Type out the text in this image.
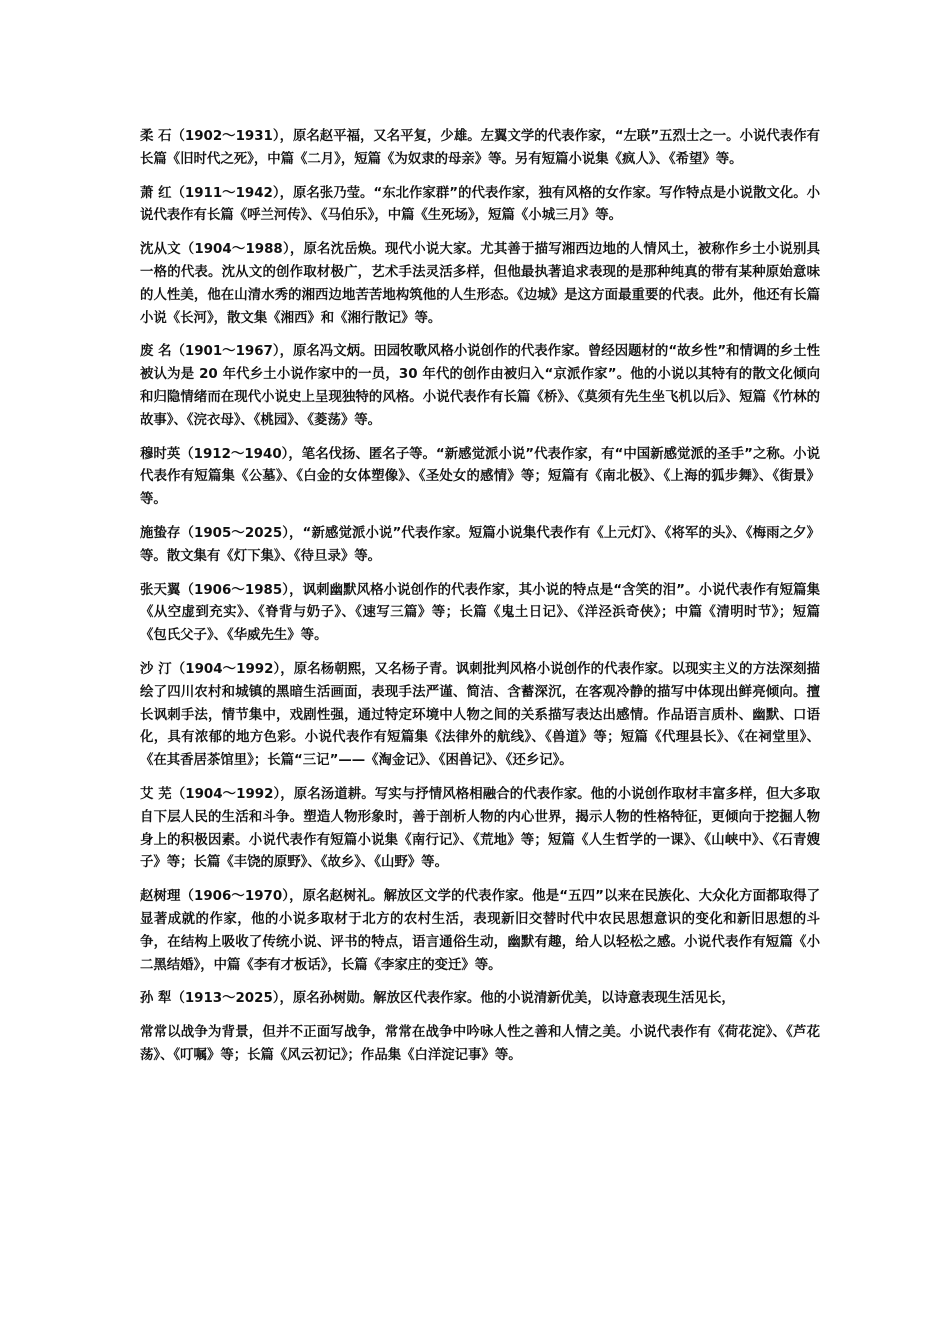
柔 石（1902～1931），原名赵平福，又名平复，少雄。左翼文学的代表作家，“左联”五烈士之一。小说代表作有长篇《旧时代之死》，中篇《二月》，短篇《为奴隶的母亲》等。另有短篇小说集《疯人》、《希望》等。

萧 红（1911～1942），原名张乃莹。“东北作家群”的代表作家，独有风格的女作家。写作特点是小说散文化。小说代表作有长篇《呼兰河传》、《马伯乐》，中篇《生死场》，短篇《小城三月》等。

沈从文（1904～1988），原名沈岳焕。现代小说大家。尤其善于描写湘西边地的人情风土，被称作乡土小说别具一格的代表。沈从文的创作取材极广，艺术手法灵活多样，但他最执著追求表现的是那种纯真的带有某种原始意味的人性美，他在山清水秀的湘西边地苦苦地构筑他的人生形态。《边城》是这方面最重要的代表。此外，他还有长篇小说《长河》，散文集《湘西》和《湘行散记》等。

废 名（1901～1967），原名冯文炳。田园牧歌风格小说创作的代表作家。曾经因题材的“故乡性”和情调的乡土性被认为是 20 年代乡土小说作家中的一员，30 年代的创作由被归入“京派作家”。他的小说以其特有的散文化倾向和归隐情绪而在现代小说史上呈现独特的风格。小说代表作有长篇《桥》、《莫须有先生坐飞机以后》、短篇《竹林的故事》、《浣衣母》、《桃园》、《菱荡》等。

穆时英（1912～1940），笔名伐扬、匿名子等。“新感觉派小说”代表作家，有“中国新感觉派的圣手”之称。小说代表作有短篇集《公墓》、《白金的女体塑像》、《圣处女的感情》等；短篇有《南北极》、《上海的狐步舞》、《街景》等。

施蛰存（1905～2025），“新感觉派小说”代表作家。短篇小说集代表作有《上元灯》、《将军的头》、《梅雨之夕》等。散文集有《灯下集》、《待旦录》等。

张天翼（1906～1985），讽刺幽默风格小说创作的代表作家，其小说的特点是“含笑的泪”。小说代表作有短篇集《从空虚到充实》、《脊背与奶子》、《速写三篇》等；长篇《鬼土日记》、《洋泾浜奇侠》；中篇《清明时节》；短篇《包氏父子》、《华威先生》等。

沙 汀（1904～1992），原名杨朝熙，又名杨子青。讽刺批判风格小说创作的代表作家。以现实主义的方法深刻描绘了四川农村和城镇的黑暗生活画面，表现手法严谨、简洁、含蓄深沉，在客观冷静的描写中体现出鲜亮倾向。擅长讽刺手法，情节集中，戏剧性强，通过特定环境中人物之间的关系描写表达出感情。作品语言质朴、幽默、口语化，具有浓郁的地方色彩。小说代表作有短篇集《法律外的航线》、《兽道》等；短篇《代理县长》、《在祠堂里》、《在其香居茶馆里》；长篇“三记”——《淘金记》、《困兽记》、《还乡记》。

艾 芜（1904～1992），原名汤道耕。写实与抒情风格相融合的代表作家。他的小说创作取材丰富多样，但大多取自下层人民的生活和斗争。塑造人物形象时，善于剖析人物的内心世界，揭示人物的性格特征，更倾向于挖掘人物身上的积极因素。小说代表作有短篇小说集《南行记》、《荒地》等；短篇《人生哲学的一课》、《山峡中》、《石青嫂子》等；长篇《丰饶的原野》、《故乡》、《山野》等。

赵树理（1906～1970），原名赵树礼。解放区文学的代表作家。他是“五四”以来在民族化、大众化方面都取得了显著成就的作家，他的小说多取材于北方的农村生活，表现新旧交替时代中农民思想意识的变化和新旧思想的斗争，在结构上吸收了传统小说、评书的特点，语言通俗生动，幽默有趣，给人以轻松之感。小说代表作有短篇《小二黑结婚》，中篇《李有才板话》，长篇《李家庄的变迁》等。

孙 犁（1913～2025），原名孙树勋。解放区代表作家。他的小说清新优美，以诗意表现生活见长，

常常以战争为背景，但并不正面写战争，常常在战争中吟咏人性之善和人情之美。小说代表作有《荷花淀》、《芦花荡》、《叮嘱》等；长篇《风云初记》；作品集《白洋淀记事》等。
